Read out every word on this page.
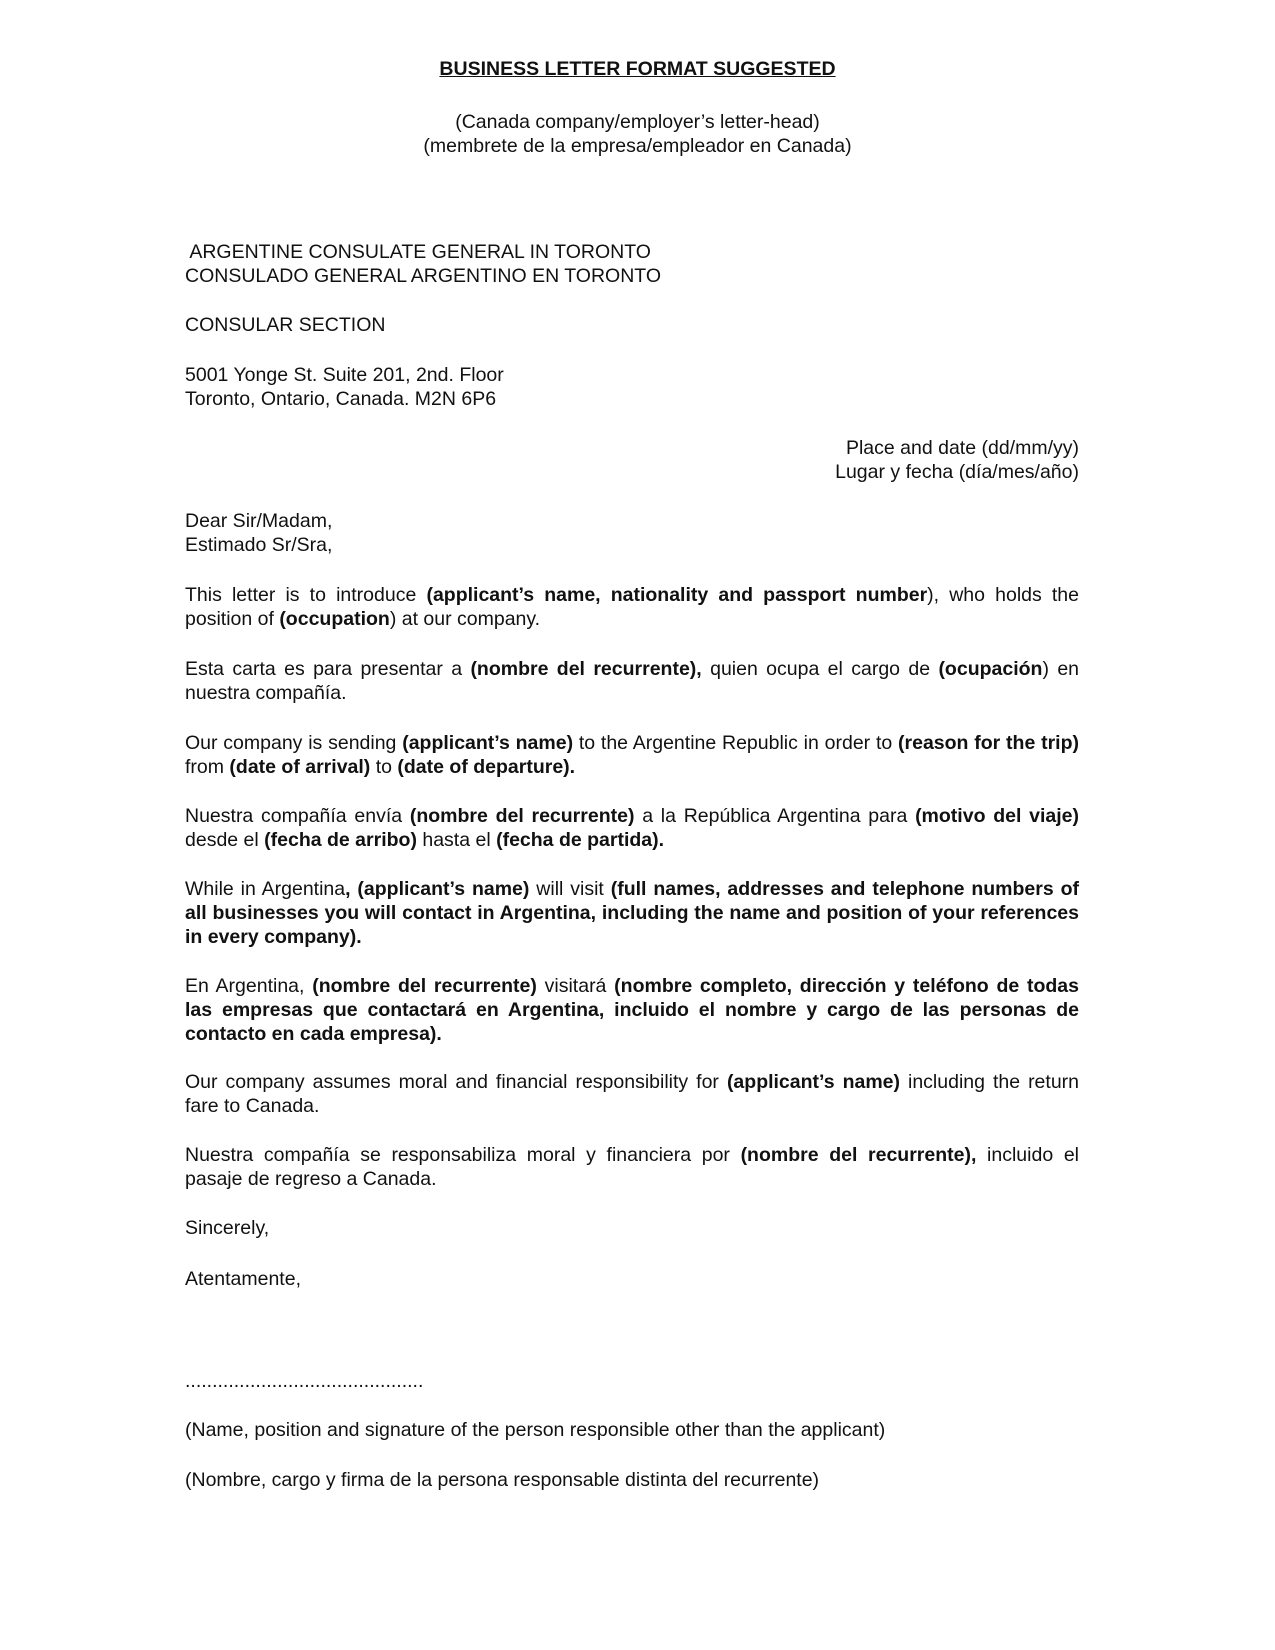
BUSINESS LETTER FORMAT SUGGESTED
(Canada company/employer’s letter-head)
(membrete de la empresa/empleador en Canada)
ARGENTINE CONSULATE GENERAL IN TORONTO
CONSULADO GENERAL ARGENTINO EN TORONTO
CONSULAR SECTION
5001 Yonge St. Suite 201, 2nd. Floor
Toronto, Ontario, Canada. M2N 6P6
Place and date (dd/mm/yy)
Lugar y fecha (día/mes/año)
Dear Sir/Madam,
Estimado Sr/Sra,
This letter is to introduce (applicant’s name, nationality and passport number), who holds the position of (occupation) at our company.
Esta carta es para presentar a (nombre del recurrente), quien ocupa el cargo de (ocupación) en nuestra compañía.
Our company is sending (applicant’s name) to the Argentine Republic in order to (reason for the trip) from (date of arrival) to (date of departure).
Nuestra compañía envía (nombre del recurrente) a la República Argentina para (motivo del viaje) desde el (fecha de arribo) hasta el (fecha de partida).
While in Argentina, (applicant’s name) will visit (full names, addresses and telephone numbers of all businesses you will contact in Argentina, including the name and position of your references in every company).
En Argentina, (nombre del recurrente) visitará (nombre completo, dirección y teléfono de todas las empresas que contactará en Argentina, incluido el nombre y cargo de las personas de contacto en cada empresa).
Our company assumes moral and financial responsibility for (applicant’s name) including the return fare to Canada.
Nuestra compañía se responsabiliza moral y financiera por (nombre del recurrente), incluido el pasaje de regreso a Canada.
Sincerely,
Atentamente,
............................................
(Name, position and signature of the person responsible other than the applicant)
(Nombre, cargo y firma de la persona responsable distinta del recurrente)
